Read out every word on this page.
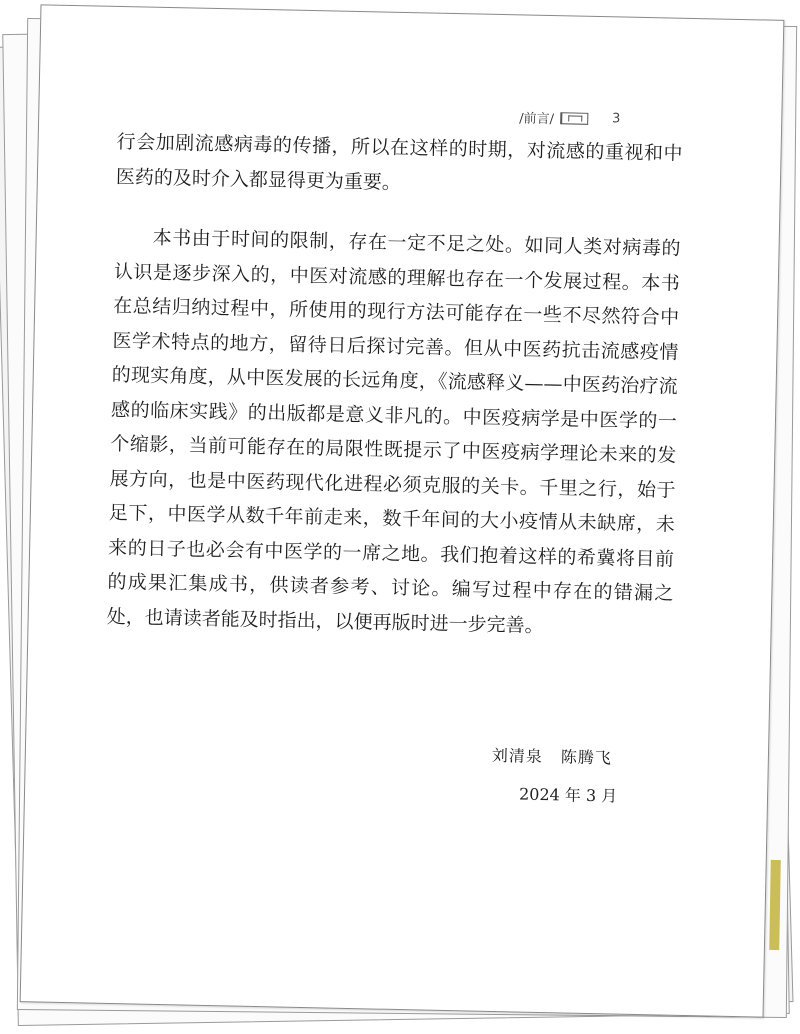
/前言/	3

行会加剧流感病毒的传播，所以在这样的时期，对流感的重视和中医药的及时介入都显得更为重要。

本书由于时间的限制，存在一定不足之处。如同人类对病毒的认识是逐步深入的，中医对流感的理解也存在一个发展过程。本书在总结归纳过程中，所使用的现行方法可能存在一些不尽然符合中医学术特点的地方，留待日后探讨完善。但从中医药抗击流感疫情的现实角度，从中医发展的长远角度，《流感释义——中医药治疗流感的临床实践》的出版都是意义非凡的。中医疫病学是中医学的一个缩影，当前可能存在的局限性既提示了中医疫病学理论未来的发展方向，也是中医药现代化进程必须克服的关卡。千里之行，始于足下，中医学从数千年前走来，数千年间的大小疫情从未缺席，未来的日子也必会有中医学的一席之地。我们抱着这样的希冀将目前的成果汇集成书，供读者参考、讨论。编写过程中存在的错漏之处，也请读者能及时指出，以便再版时进一步完善。

刘清泉 陈腾飞
2024 年 3 月
